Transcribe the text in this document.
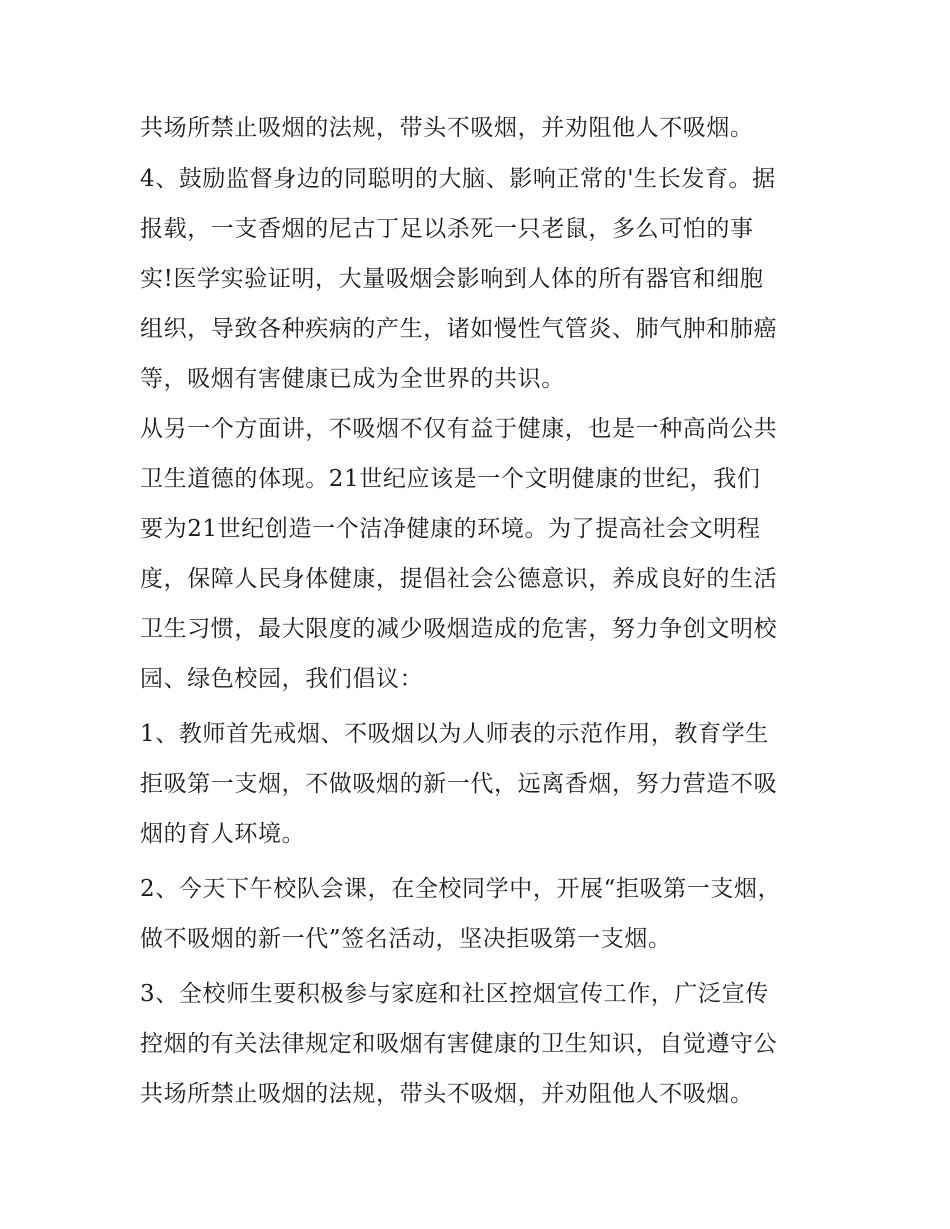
共场所禁止吸烟的法规，带头不吸烟，并劝阻他人不吸烟。

4、鼓励监督身边的同聪明的大脑、影响正常的'生长发育。据

报载，一支香烟的尼古丁足以杀死一只老鼠，多么可怕的事

实!医学实验证明，大量吸烟会影响到人体的所有器官和细胞

组织，导致各种疾病的产生，诸如慢性气管炎、肺气肿和肺癌

等，吸烟有害健康已成为全世界的共识。

从另一个方面讲，不吸烟不仅有益于健康，也是一种高尚公共

卫生道德的体现。21世纪应该是一个文明健康的世纪，我们

要为21世纪创造一个洁净健康的环境。为了提高社会文明程

度，保障人民身体健康，提倡社会公德意识，养成良好的生活

卫生习惯，最大限度的减少吸烟造成的危害，努力争创文明校

园、绿色校园，我们倡议：

1、教师首先戒烟、不吸烟以为人师表的示范作用，教育学生

拒吸第一支烟，不做吸烟的新一代，远离香烟，努力营造不吸

烟的育人环境。

2、今天下午校队会课，在全校同学中，开展“拒吸第一支烟，

做不吸烟的新一代”签名活动，坚决拒吸第一支烟。

3、全校师生要积极参与家庭和社区控烟宣传工作，广泛宣传

控烟的有关法律规定和吸烟有害健康的卫生知识，自觉遵守公

共场所禁止吸烟的法规，带头不吸烟，并劝阻他人不吸烟。
